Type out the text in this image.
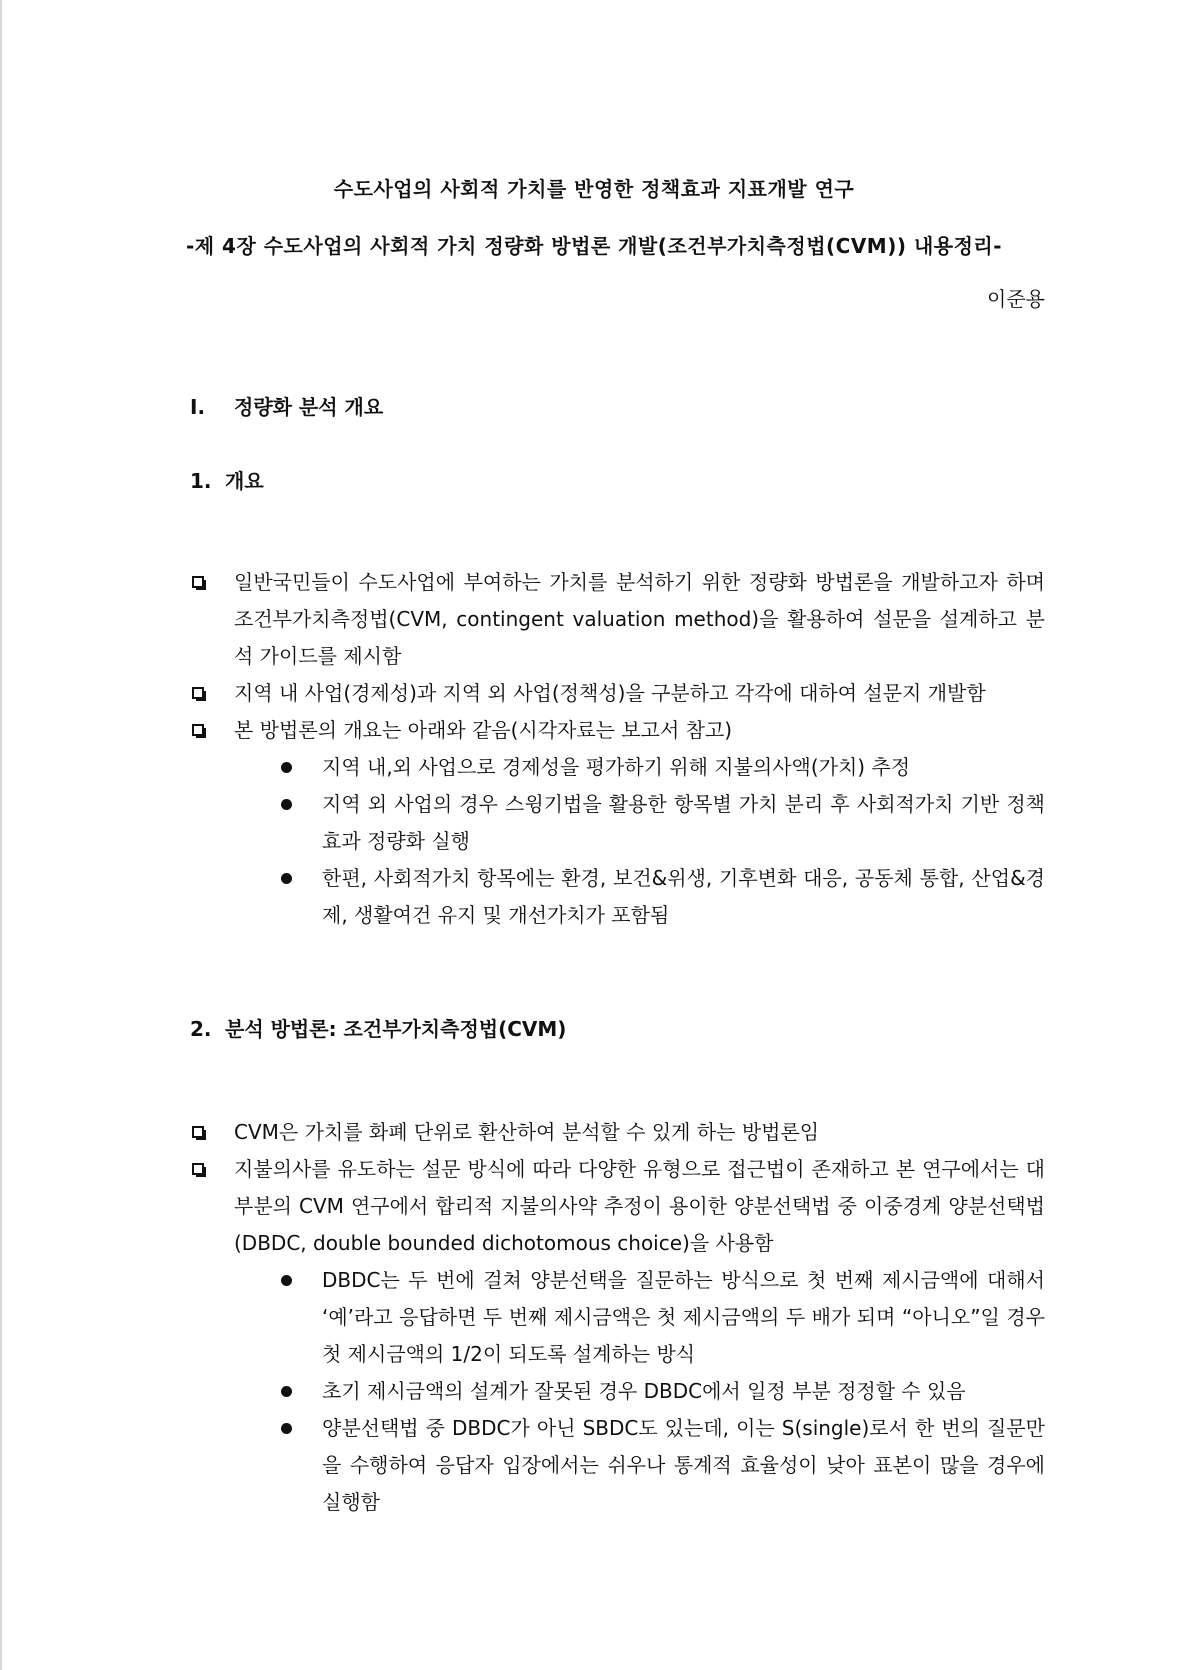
수도사업의 사회적 가치를 반영한 정책효과 지표개발 연구
-제 4장 수도사업의 사회적 가치 정량화 방법론 개발(조건부가치측정법(CVM)) 내용정리-
이준용
I. 정량화 분석 개요
1. 개요
일반국민들이 수도사업에 부여하는 가치를 분석하기 위한 정량화 방법론을 개발하고자 하며 조건부가치측정법(CVM, contingent valuation method)을 활용하여 설문을 설계하고 분석 가이드를 제시함
지역 내 사업(경제성)과 지역 외 사업(정책성)을 구분하고 각각에 대하여 설문지 개발함
본 방법론의 개요는 아래와 같음(시각자료는 보고서 참고)
지역 내,외 사업으로 경제성을 평가하기 위해 지불의사액(가치) 추정
지역 외 사업의 경우 스윙기법을 활용한 항목별 가치 분리 후 사회적가치 기반 정책효과 정량화 실행
한편, 사회적가치 항목에는 환경, 보건&위생, 기후변화 대응, 공동체 통합, 산업&경제, 생활여건 유지 및 개선가치가 포함됨
2. 분석 방법론: 조건부가치측정법(CVM)
CVM은 가치를 화폐 단위로 환산하여 분석할 수 있게 하는 방법론임
지불의사를 유도하는 설문 방식에 따라 다양한 유형으로 접근법이 존재하고 본 연구에서는 대부분의 CVM 연구에서 합리적 지불의사약 추정이 용이한 양분선택법 중 이중경계 양분선택법(DBDC, double bounded dichotomous choice)을 사용함
DBDC는 두 번에 걸쳐 양분선택을 질문하는 방식으로 첫 번째 제시금액에 대해서 ‘예’라고 응답하면 두 번째 제시금액은 첫 제시금액의 두 배가 되며 “아니오”일 경우 첫 제시금액의 1/2이 되도록 설계하는 방식
초기 제시금액의 설계가 잘못된 경우 DBDC에서 일정 부분 정정할 수 있음
양분선택법 중 DBDC가 아닌 SBDC도 있는데, 이는 S(single)로서 한 번의 질문만을 수행하여 응답자 입장에서는 쉬우나 통계적 효율성이 낮아 표본이 많을 경우에 실행함
